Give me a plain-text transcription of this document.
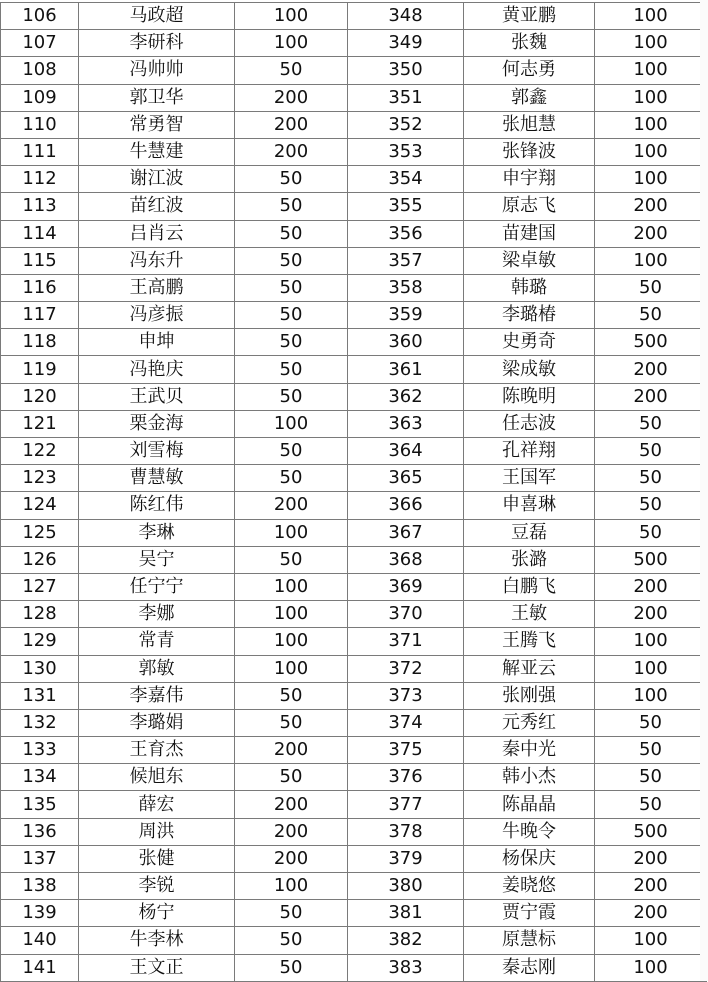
106	马政超	100	348	黄亚鹏	100
107	李研科	100	349	张魏	100
108	冯帅帅	50	350	何志勇	100
109	郭卫华	200	351	郭鑫	100
110	常勇智	200	352	张旭慧	100
111	牛慧建	200	353	张锋波	100
112	谢江波	50	354	申宇翔	100
113	苗红波	50	355	原志飞	200
114	吕肖云	50	356	苗建国	200
115	冯东升	50	357	梁卓敏	100
116	王高鹏	50	358	韩璐	50
117	冯彦振	50	359	李璐椿	50
118	申坤	50	360	史勇奇	500
119	冯艳庆	50	361	梁成敏	200
120	王武贝	50	362	陈晚明	200
121	栗金海	100	363	任志波	50
122	刘雪梅	50	364	孔祥翔	50
123	曹慧敏	50	365	王国军	50
124	陈红伟	200	366	申喜琳	50
125	李琳	100	367	豆磊	50
126	吴宁	50	368	张潞	500
127	任宁宁	100	369	白鹏飞	200
128	李娜	100	370	王敏	200
129	常青	100	371	王腾飞	100
130	郭敏	100	372	解亚云	100
131	李嘉伟	50	373	张刚强	100
132	李璐娟	50	374	元秀红	50
133	王育杰	200	375	秦中光	50
134	候旭东	50	376	韩小杰	50
135	薛宏	200	377	陈晶晶	50
136	周洪	200	378	牛晚令	500
137	张健	200	379	杨保庆	200
138	李锐	100	380	姜晓悠	200
139	杨宁	50	381	贾宁霞	200
140	牛李林	50	382	原慧标	100
141	王文正	50	383	秦志刚	100
